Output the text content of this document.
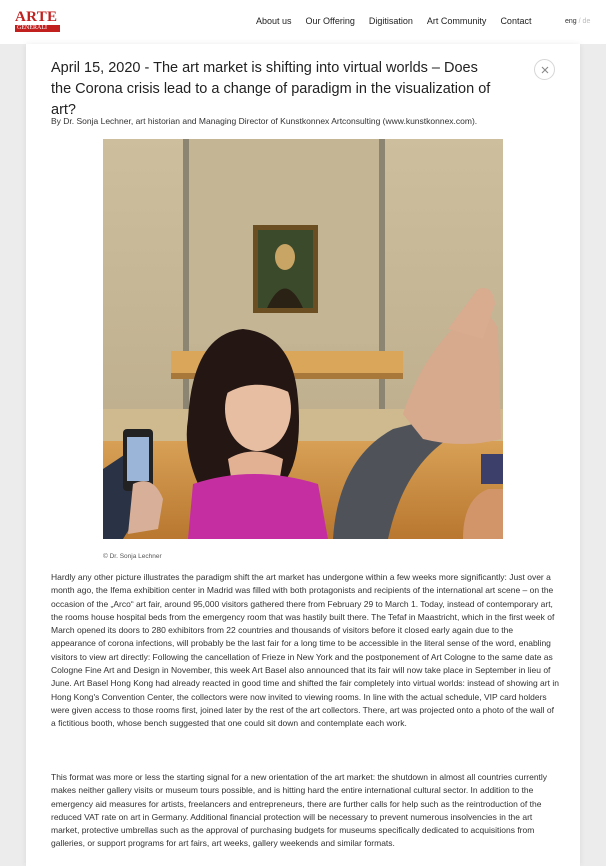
ARTE
GENERALI
About us Our Offering Digitisation Art Community Contact	eng / de
April 15, 2020 - The art market is shifting into virtual worlds – Does the Corona crisis lead to a change of paradigm in the visualization of art?

By Dr. Sonja Lechner, art historian and Managing Director of Kunstkonnex Artconsulting (www.kunstkonnex.com).

© Dr. Sonja Lechner

Hardly any other picture illustrates the paradigm shift the art market has undergone within a few weeks more significantly: Just over a month ago, the Ifema exhibition center in Madrid was filled with both protagonists and recipients of the international art scene – on the occasion of the „Arco“ art fair, around 95,000 visitors gathered there from February 29 to March 1. Today, instead of contemporary art, the rooms house hospital beds from the emergency room that was hastily built there. The Tefaf in Maastricht, which in the first week of March opened its doors to 280 exhibitors from 22 countries and thousands of visitors before it closed early again due to the appearance of corona infections, will probably be the last fair for a long time to be accessible in the literal sense of the word, enabling visitors to view art directly: Following the cancellation of Frieze in New York and the postponement of Art Cologne to the same date as Cologne Fine Art and Design in November, this week Art Basel also announced that its fair will now take place in September in lieu of June. Art Basel Hong Kong had already reacted in good time and shifted the fair completely into virtual worlds: instead of showing art in Hong Kong's Convention Center, the collectors were now invited to viewing rooms. In line with the actual schedule, VIP card holders were given access to those rooms first, joined later by the rest of the art collectors. There, art was projected onto a photo of the wall of a fictitious booth, whose bench suggested that one could sit down and contemplate each work.

This format was more or less the starting signal for a new orientation of the art market: the shutdown in almost all countries currently makes neither gallery visits or museum tours possible, and is hitting hard the entire international cultural sector. In addition to the emergency aid measures for artists, freelancers and entrepreneurs, there are further calls for help such as the reintroduction of the reduced VAT rate on art in Germany. Additional financial protection will be necessary to prevent numerous insolvencies in the art market, protective umbrellas such as the approval of purchasing budgets for museums specifically dedicated to acquisitions from galleries, or support programs for art fairs, art weeks, gallery weekends and similar formats.
